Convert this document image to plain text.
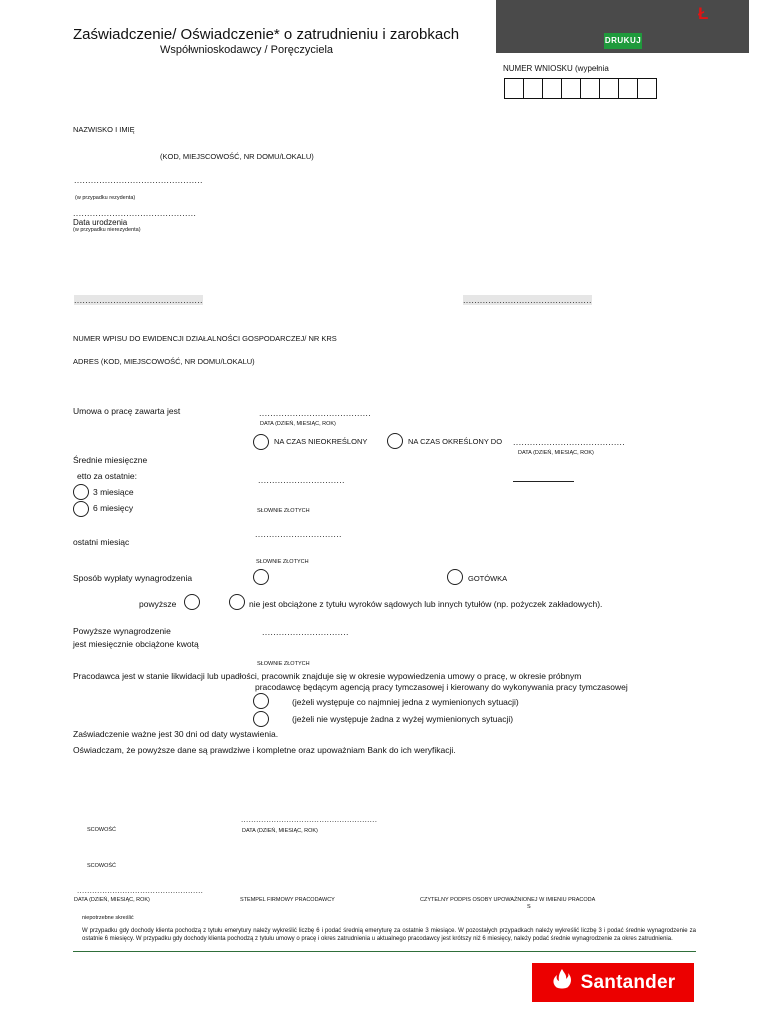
Zaświadczenie/ Oświadczenie* o zatrudnieniu i zarobkach
Współwnioskodawcy / Poręczyciela
DRUKUJ
Ł
NUMER WNIOSKU (wypełnia
NAZWISKO I IMIĘ
(KOD, MIEJSCOWOŚĆ, NR DOMU/LOKALU)
..............................................
(w przypadku rezydenta)
............................................
Data urodzenia
(w przypadku nierezydenta)
..............................................	..............................................
NUMER WPISU DO EWIDENCJI DZIAŁALNOŚCI GOSPODARCZEJ/ NR KRS
ADRES (KOD, MIEJSCOWOŚĆ, NR DOMU/LOKALU)
Umowa o pracę zawarta jest	........................................
DATA (DZIEŃ, MIESIĄC, ROK)
NA CZAS NIEOKREŚLONY	NA CZAS OKREŚLONY DO ........................................
DATA (DZIEŃ, MIESIĄC, ROK)
Średnie miesięczne
etto za ostatnie:	...............................
3 miesiące
6 miesięcy	SŁOWNIE ZŁOTYCH
ostatni miesiąc
...............................
SŁOWNIE ZŁOTYCH
Sposób wypłaty wynagrodzenia	GOTÓWKA
powyższe	nie jest obciążone z tytułu wyroków sądowych lub innych tytułów (np. pożyczek zakładowych).
Powyższe wynagrodzenie
jest miesięcznie obciążone kwotą
...............................
SŁOWNIE ZŁOTYCH
Pracodawca jest w stanie likwidacji lub upadłości, pracownik znajduje się w okresie wypowiedzenia umowy o pracę, w okresie próbnym
pracodawcę będącym agencją pracy tymczasowej i kierowany do wykonywania pracy tymczasowej
(jeżeli występuje co najmniej jedna z wymienionych sytuacji)
(jeżeli nie występuje żadna z wyżej wymienionych sytuacji)
Zaświadczenie ważne jest 30 dni od daty wystawienia.
Oświadczam, że powyższe dane są prawdziwe i kompletne oraz upoważniam Bank do ich weryfikacji.
SCOWOŚĆ
......................................................
DATA (DZIEŃ, MIESIĄC, ROK)
SCOWOŚĆ
..................................................
DATA (DZIEŃ, MIESIĄC, ROK)	STEMPEL FIRMOWY PRACODAWCY	CZYTELNY PODPIS OSOBY UPOWAŻNIONEJ W IMIENIU PRACODA
S
niepotrzebne skreślić
W przypadku gdy dochody klienta pochodzą z tytułu emerytury należy wykreślić liczbę 6 i podać średnią emeryturę za ostatnie 3 miesiące. W pozostałych przypadkach należy wykreślić liczbę 3 i podać średnie wynagrodzenie za ostatnie 6 miesięcy. W przypadku gdy dochody klienta pochodzą z tytułu umowy o pracę i okres zatrudnienia u aktualnego pracodawcy jest krótszy niż 6 miesięcy, należy podać średnie wynagrodzenie za okres zatrudnienia.
Santander
